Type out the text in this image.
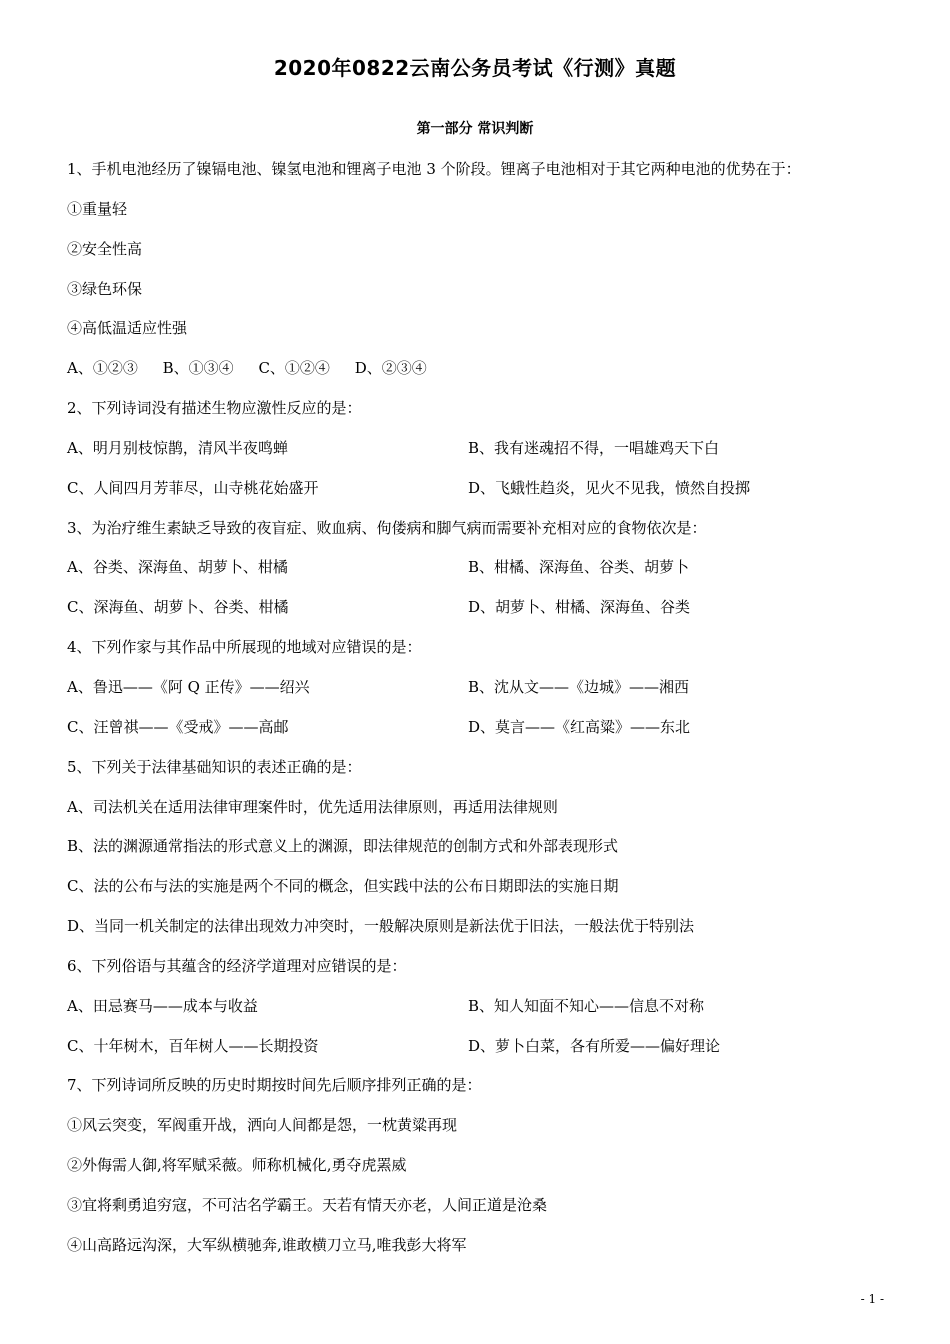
2020年0822云南公务员考试《行测》真题
第一部分 常识判断
1、手机电池经历了镍镉电池、镍氢电池和锂离子电池 3 个阶段。锂离子电池相对于其它两种电池的优势在于：
①重量轻
②安全性高
③绿色环保
④高低温适应性强
A、①②③ B、①③④ C、①②④ D、②③④
2、下列诗词没有描述生物应激性反应的是：
A、明月别枝惊鹊，清风半夜鸣蝉	B、我有迷魂招不得，一唱雄鸡天下白
C、人间四月芳菲尽，山寺桃花始盛开	D、飞蛾性趋炎，见火不见我，愤然自投掷
3、为治疗维生素缺乏导致的夜盲症、败血病、佝偻病和脚气病而需要补充相对应的食物依次是：
A、谷类、深海鱼、胡萝卜、柑橘	B、柑橘、深海鱼、谷类、胡萝卜
C、深海鱼、胡萝卜、谷类、柑橘	D、胡萝卜、柑橘、深海鱼、谷类
4、下列作家与其作品中所展现的地域对应错误的是：
A、鲁迅——《阿 Q 正传》——绍兴	B、沈从文——《边城》——湘西
C、汪曾祺——《受戒》——高邮	D、莫言——《红高粱》——东北
5、下列关于法律基础知识的表述正确的是：
A、司法机关在适用法律审理案件时，优先适用法律原则，再适用法律规则
B、法的渊源通常指法的形式意义上的渊源，即法律规范的创制方式和外部表现形式
C、法的公布与法的实施是两个不同的概念，但实践中法的公布日期即法的实施日期
D、当同一机关制定的法律出现效力冲突时，一般解决原则是新法优于旧法，一般法优于特别法
6、下列俗语与其蕴含的经济学道理对应错误的是：
A、田忌赛马——成本与收益	B、知人知面不知心——信息不对称
C、十年树木，百年树人——长期投资	D、萝卜白菜，各有所爱——偏好理论
7、下列诗词所反映的历史时期按时间先后顺序排列正确的是：
①风云突变，军阀重开战，洒向人间都是怨，一枕黄粱再现
②外侮需人御,将军赋采薇。师称机械化,勇夺虎罴威
③宜将剩勇追穷寇，不可沽名学霸王。天若有情天亦老，人间正道是沧桑
④山高路远沟深，大军纵横驰奔,谁敢横刀立马,唯我彭大将军
- 1 -
